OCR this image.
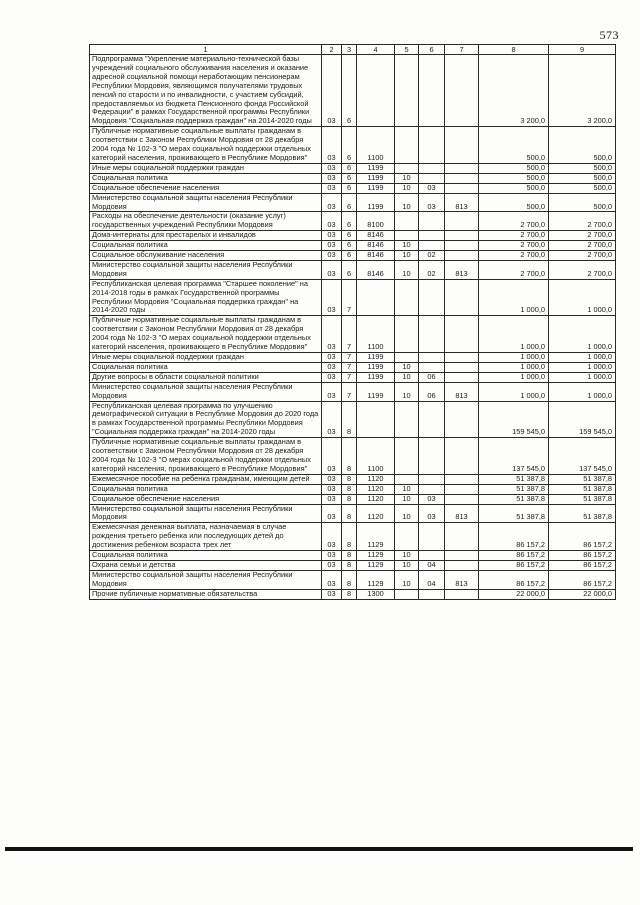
573
1	2	3	4	5	6	7	8	9
Подпрограмма "Укрепление материально-технической базы учреждений социального обслуживания населения и оказание адресной социальной помощи неработающим пенсионерам Республики Мордовия, являющимся получателями трудовых пенсий по старости и по инвалидности, с участием субсидий, предоставляемых из бюджета Пенсионного фонда Российской Федерации" в рамках Государственной программы Республики Мордовия "Социальная поддержка граждан" на 2014-2020 годы	03	6					3 200,0	3 200,0
Публичные нормативные социальные выплаты гражданам в соответствии с Законом Республики Мордовия от 28 декабря 2004 года № 102-З "О мерах социальной поддержки отдельных категорий населения, проживающего в Республике Мордовия"	03	6	1100				500,0	500,0
Иные меры социальной поддержки граждан	03	6	1199				500,0	500,0
Социальная политика	03	6	1199	10			500,0	500,0
Социальное обеспечение населения	03	6	1199	10	03		500,0	500,0
Министерство социальной защиты населения Республики Мордовия	03	6	1199	10	03	813	500,0	500,0
Расходы на обеспечение деятельности (оказание услуг) государственных учреждений Республики Мордовия	03	6	8100				2 700,0	2 700,0
Дома-интернаты для престарелых и инвалидов	03	6	8146				2 700,0	2 700,0
Социальная политика	03	6	8146	10			2 700,0	2 700,0
Социальное обслуживание населения	03	6	8146	10	02		2 700,0	2 700,0
Министерство социальной защиты населения Республики Мордовия	03	6	8146	10	02	813	2 700,0	2 700,0
Республиканская целевая программа "Старшее поколение" на 2014-2018 годы в рамках Государственной программы Республики Мордовия "Социальная поддержка граждан" на 2014-2020 годы	03	7					1 000,0	1 000,0
Публичные нормативные социальные выплаты гражданам в соответствии с Законом Республики Мордовия от 28 декабря 2004 года № 102-З "О мерах социальной поддержки отдельных категорий населения, проживающего в Республике Мордовия"	03	7	1100				1 000,0	1 000,0
Иные меры социальной поддержки граждан	03	7	1199				1 000,0	1 000,0
Социальная политика	03	7	1199	10			1 000,0	1 000,0
Другие вопросы в области социальной политики	03	7	1199	10	06		1 000,0	1 000,0
Министерство социальной защиты населения Республики Мордовия	03	7	1199	10	06	813	1 000,0	1 000,0
Республиканская целевая программа по улучшению демографической ситуации в Республике Мордовия до 2020 года в рамках Государственной программы Республики Мордовия "Социальная поддержка граждан" на 2014-2020 годы	03	8					159 545,0	159 545,0
Публичные нормативные социальные выплаты гражданам в соответствии с Законом Республики Мордовия от 28 декабря 2004 года № 102-З "О мерах социальной поддержки отдельных категорий населения, проживающего в Республике Мордовия"	03	8	1100				137 545,0	137 545,0
Ежемесячное пособие на ребенка гражданам, имеющим детей	03	8	1120				51 387,8	51 387,8
Социальная политика	03	8	1120	10			51 387,8	51 387,8
Социальное обеспечение населения	03	8	1120	10	03		51 387,8	51 387,8
Министерство социальной защиты населения Республики Мордовия	03	8	1120	10	03	813	51 387,8	51 387,8
Ежемесячная денежная выплата, назначаемая в случае рождения третьего ребенка или последующих детей до достижения ребенком возраста трех лет	03	8	1129				86 157,2	86 157,2
Социальная политика	03	8	1129	10			86 157,2	86 157,2
Охрана семьи и детства	03	8	1129	10	04		86 157,2	86 157,2
Министерство социальной защиты населения Республики Мордовия	03	8	1129	10	04	813	86 157,2	86 157,2
Прочие публичные нормативные обязательства	03	8	1300				22 000,0	22 000,0
